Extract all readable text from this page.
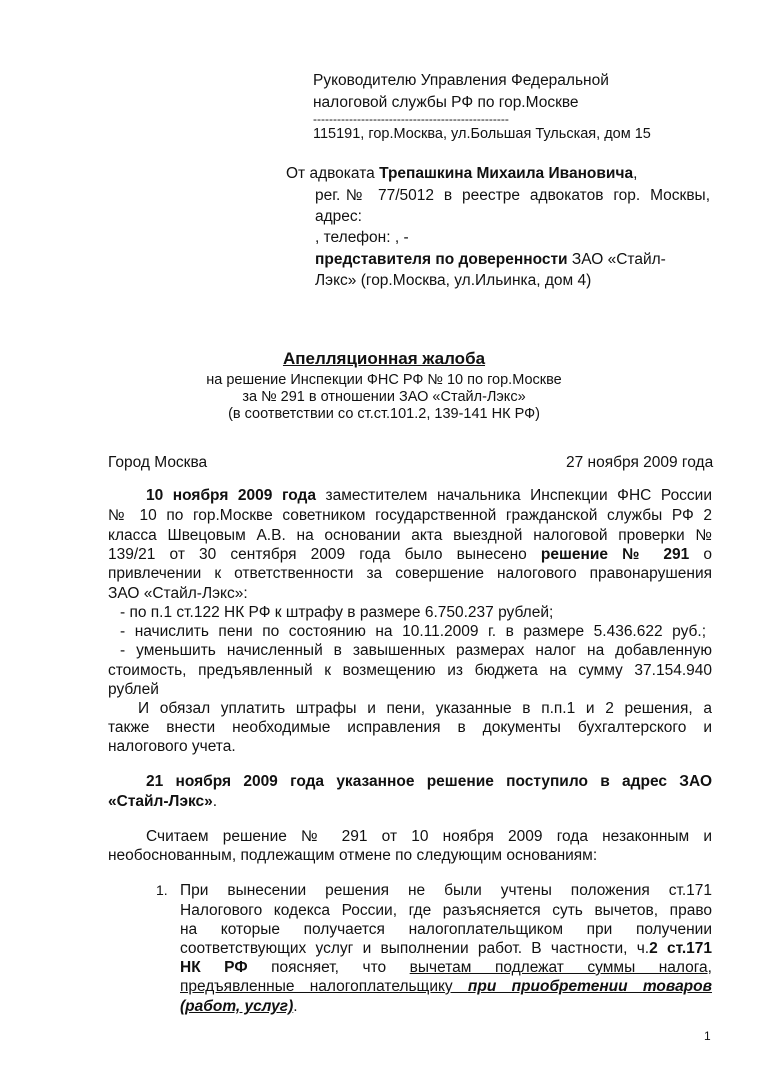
Руководителю Управления Федеральной
налоговой службы РФ по гор.Москве
-------------------------------------------------
115191, гор.Москва, ул.Большая Тульская, дом 15
От адвоката Трепашкина Михаила Ивановича,
рег.№ 77/5012 в реестре адвокатов гор. Москвы,
адрес:
, телефон: , -
представителя по доверенности ЗАО «Стайл-
Лэкс» (гор.Москва, ул.Ильинка, дом 4)
Апелляционная жалоба
на решение Инспекции ФНС РФ № 10 по гор.Москве
за № 291 в отношении ЗАО «Стайл-Лэкс»
(в соответствии со ст.ст.101.2, 139-141 НК РФ)
Город Москва	27 ноября 2009 года
10 ноября 2009 года заместителем начальника Инспекции ФНС России
№ 10 по гор.Москве советником государственной гражданской службы РФ 2
класса Швецовым А.В. на основании акта выездной налоговой проверки №
139/21 от 30 сентября 2009 года было вынесено решение № 291 о
привлечении к ответственности за совершение налогового правонарушения
ЗАО «Стайл-Лэкс»:
- по п.1 ст.122 НК РФ к штрафу в размере 6.750.237 рублей;
- начислить пени по состоянию на 10.11.2009 г. в размере 5.436.622 руб.;
- уменьшить начисленный в завышенных размерах налог на добавленную
стоимость, предъявленный к возмещению из бюджета на сумму 37.154.940
рублей
И обязал уплатить штрафы и пени, указанные в п.п.1 и 2 решения, а
также внести необходимые исправления в документы бухгалтерского и
налогового учета.
21 ноября 2009 года указанное решение поступило в адрес ЗАО
«Стайл-Лэкс».
Считаем решение № 291 от 10 ноября 2009 года незаконным и
необоснованным, подлежащим отмене по следующим основаниям:
1. При вынесении решения не были учтены положения ст.171
Налогового кодекса России, где разъясняется суть вычетов, право
на которые получается налогоплательщиком при получении
соответствующих услуг и выполнении работ. В частности, ч.2 ст.171
НК РФ поясняет, что вычетам подлежат суммы налога,
предъявленные налогоплательщику при приобретении товаров
(работ, услуг).
1
